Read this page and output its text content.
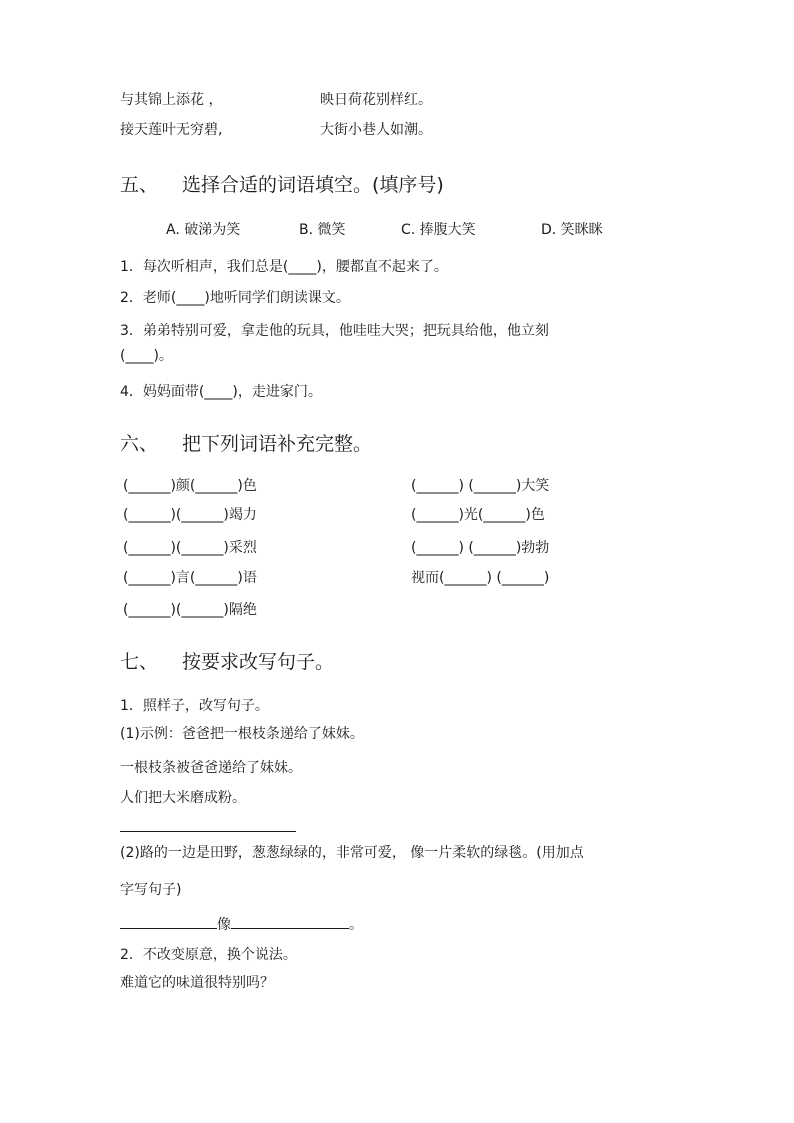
与其锦上添花 ，	映日荷花别样红。
接天莲叶无穷碧,	大街小巷人如潮。
五、 选择合适的词语填空。(填序号)
A. 破涕为笑	B. 微笑	C. 捧腹大笑	D. 笑眯眯
1．每次听相声，我们总是(____)，腰都直不起来了。
2．老师(____)地听同学们朗读课文。
3．弟弟特别可爱，拿走他的玩具，他哇哇大哭；把玩具给他，他立刻
(____)。
4．妈妈面带(____)，走进家门。
六、 把下列词语补充完整。
(______)颜(______)色	(______) (______)大笑
(______)(______)竭力	(______)光(______)色
(______)(______)采烈	(______) (______)勃勃
(______)言(______)语	视而(______) (______)
(______)(______)隔绝
七、 按要求改写句子。
1．照样子，改写句子。
(1)示例：爸爸把一根枝条递给了妹妹。
一根枝条被爸爸递给了妹妹。
人们把大米磨成粉。
(2)路的一边是田野，葱葱绿绿的，非常可爱， 像一片柔软的绿毯。(用加点
字写句子)
像	。
2．不改变原意，换个说法。
难道它的味道很特别吗？
